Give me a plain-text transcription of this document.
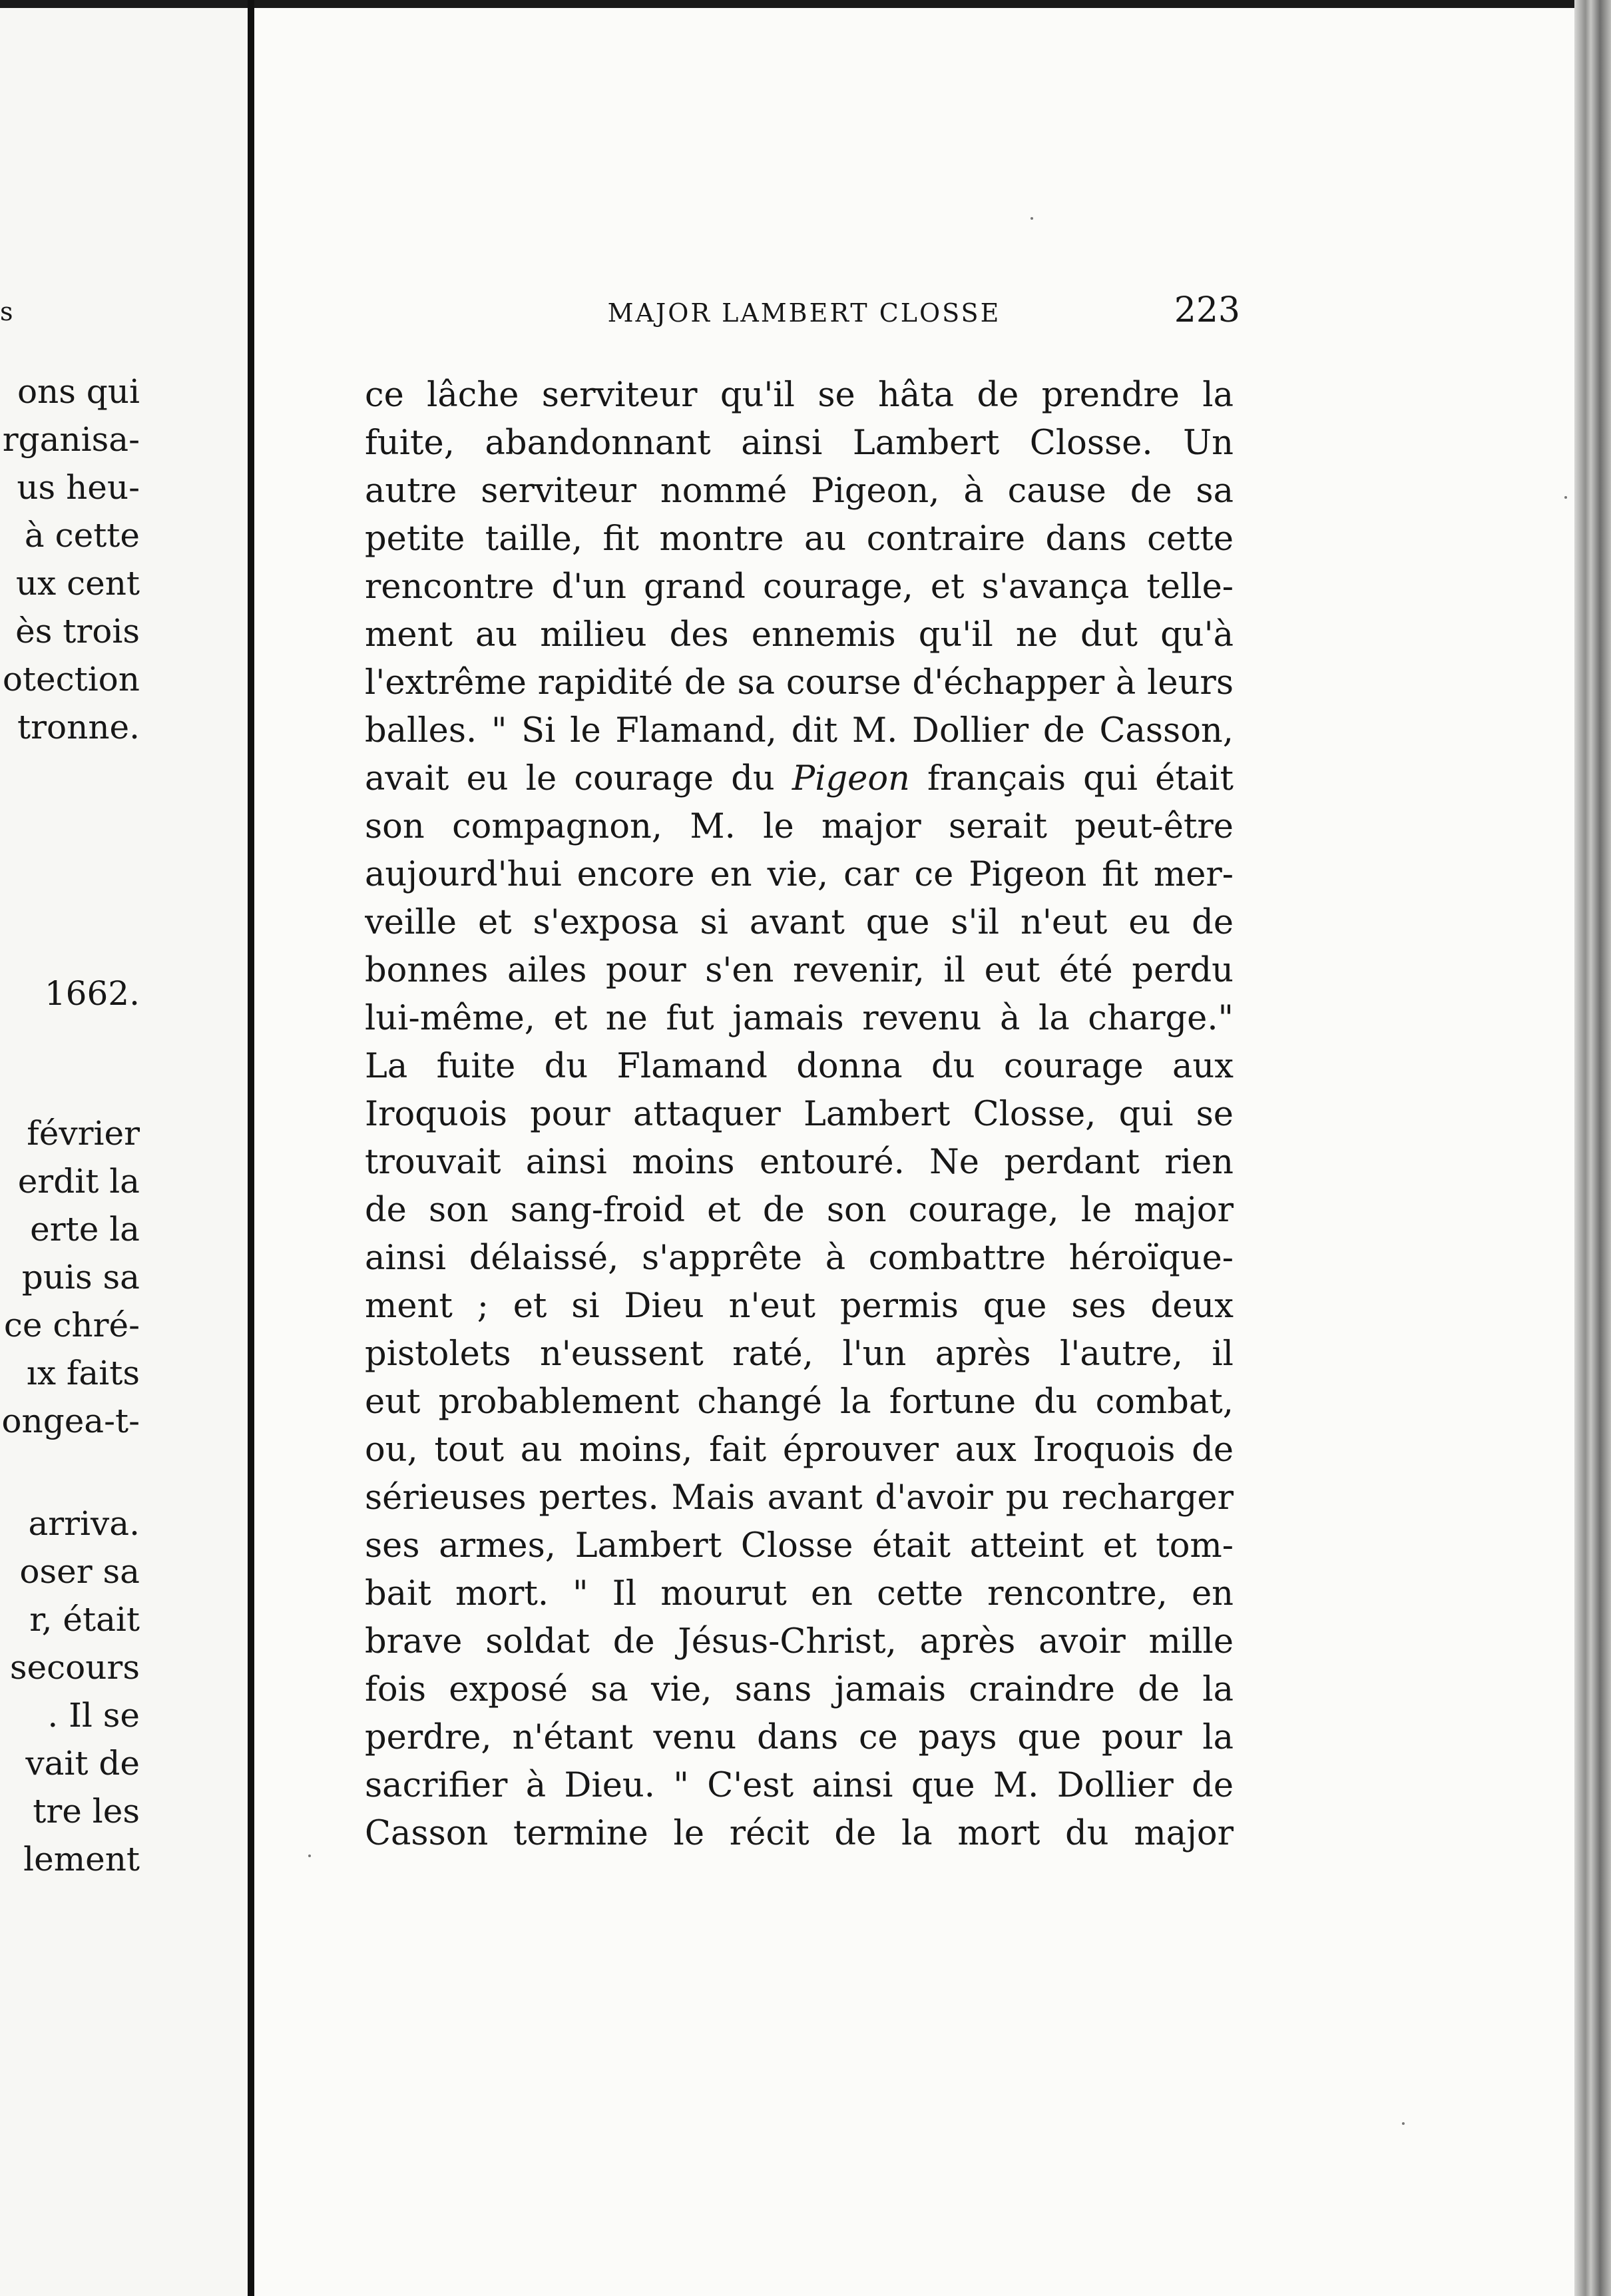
s	MAJOR LAMBERT CLOSSE	223
ons qui
rganisa-
us heu-
à cette
ux cent
ès trois
otection
tronne.
1662.
février
erdit la
erte la
puis sa
ce chré-
ıx faits
ongea-t-
arriva.
oser sa
r, était
secours
. Il se
vait de
tre les
lement
ce lâche serviteur qu'il se hâta de prendre la
fuite, abandonnant ainsi Lambert Closse. Un
autre serviteur nommé Pigeon, à cause de sa
petite taille, fit montre au contraire dans cette
rencontre d'un grand courage, et s'avança telle-
ment au milieu des ennemis qu'il ne dut qu'à
l'extrême rapidité de sa course d'échapper à leurs
balles. " Si le Flamand, dit M. Dollier de Casson,
avait eu le courage du Pigeon français qui était
son compagnon, M. le major serait peut-être
aujourd'hui encore en vie, car ce Pigeon fit mer-
veille et s'exposa si avant que s'il n'eut eu de
bonnes ailes pour s'en revenir, il eut été perdu
lui-même, et ne fut jamais revenu à la charge."
La fuite du Flamand donna du courage aux
Iroquois pour attaquer Lambert Closse, qui se
trouvait ainsi moins entouré. Ne perdant rien
de son sang-froid et de son courage, le major
ainsi délaissé, s'apprête à combattre héroïque-
ment ; et si Dieu n'eut permis que ses deux
pistolets n'eussent raté, l'un après l'autre, il
eut probablement changé la fortune du combat,
ou, tout au moins, fait éprouver aux Iroquois de
sérieuses pertes. Mais avant d'avoir pu recharger
ses armes, Lambert Closse était atteint et tom-
bait mort. " Il mourut en cette rencontre, en
brave soldat de Jésus-Christ, après avoir mille
fois exposé sa vie, sans jamais craindre de la
perdre, n'étant venu dans ce pays que pour la
sacrifier à Dieu. " C'est ainsi que M. Dollier de
Casson termine le récit de la mort du major
